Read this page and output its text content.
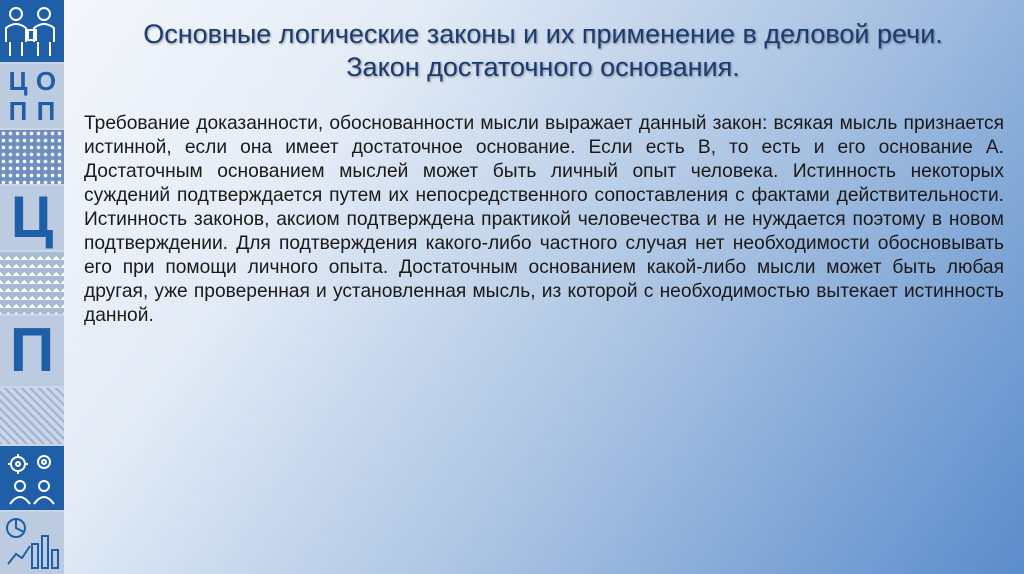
Ц О
П П
Ц
П
Основные логические законы и их применение в деловой речи.
Закон достаточного основания.

Требование доказанности, обоснованности мысли выражает данный закон: всякая мысль признается истинной, если она имеет достаточное основание. Если есть В, то есть и его основание А. Достаточным основанием мыслей может быть личный опыт человека. Истинность некоторых суждений подтверждается путем их непосредственного сопоставления с фактами действительности. Истинность законов, аксиом подтверждена практикой человечества и не нуждается поэтому в новом подтверждении. Для подтверждения какого-либо частного случая нет необходимости обосновывать его при помощи личного опыта. Достаточным основанием какой-либо мысли может быть любая другая, уже проверенная и установленная мысль, из которой с необходимостью вытекает истинность данной.
